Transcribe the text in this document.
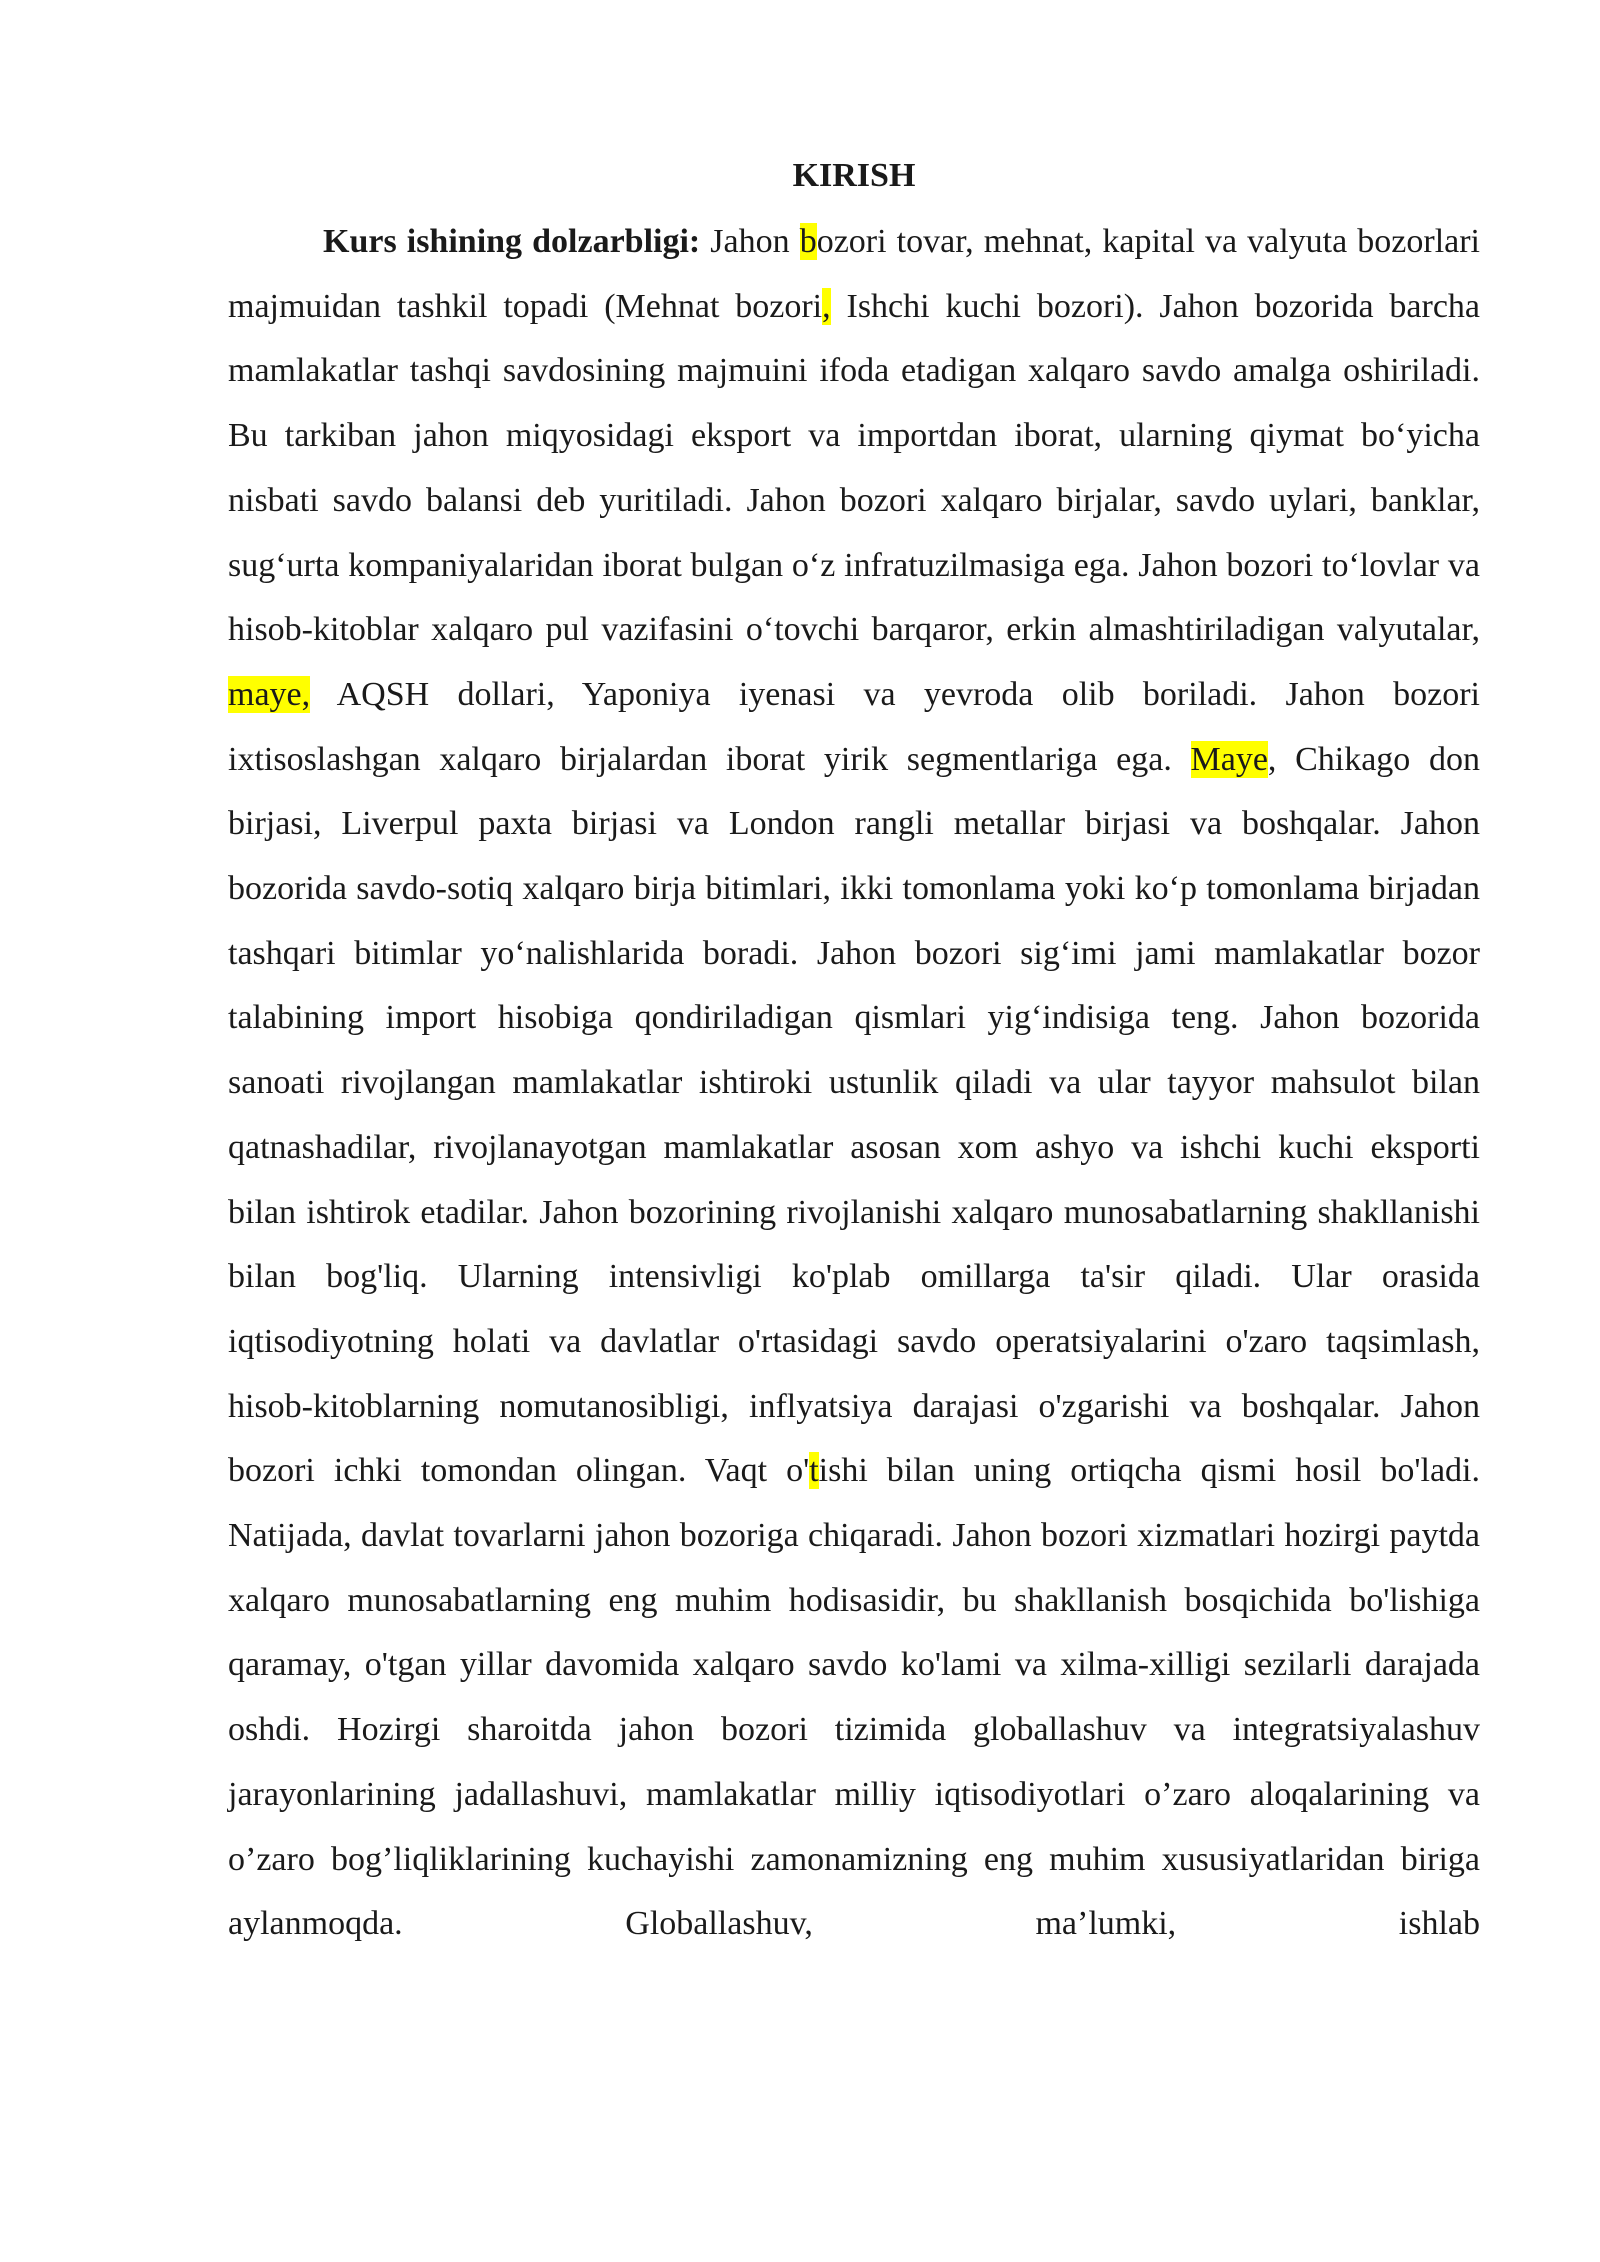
KIRISH

Kurs ishining dolzarbligi: Jahon bozori tovar, mehnat, kapital va valyuta bozorlari majmuidan tashkil topadi (Mehnat bozori, Ishchi kuchi bozori). Jahon bozorida barcha mamlakatlar tashqi savdosining majmuini ifoda etadigan xalqaro savdo amalga oshiriladi. Bu tarkiban jahon miqyosidagi eksport va importdan iborat, ularning qiymat bo‘yicha nisbati savdo balansi deb yuritiladi. Jahon bozori xalqaro birjalar, savdo uylari, banklar, sug‘urta kompaniyalaridan iborat bulgan o‘z infratuzilmasiga ega. Jahon bozori to‘lovlar va hisob-kitoblar xalqaro pul vazifasini o‘tovchi barqaror, erkin almashtiriladigan valyutalar, maye, AQSH dollari, Yaponiya iyenasi va yevroda olib boriladi. Jahon bozori ixtisoslashgan xalqaro birjalardan iborat yirik segmentlariga ega. Maye, Chikago don birjasi, Liverpul paxta birjasi va London rangli metallar birjasi va boshqalar. Jahon bozorida savdo-sotiq xalqaro birja bitimlari, ikki tomonlama yoki ko‘p tomonlama birjadan tashqari bitimlar yo‘nalishlarida boradi. Jahon bozori sig‘imi jami mamlakatlar bozor talabining import hisobiga qondiriladigan qismlari yig‘indisiga teng. Jahon bozorida sanoati rivojlangan mamlakatlar ishtiroki ustunlik qiladi va ular tayyor mahsulot bilan qatnashadilar, rivojlanayotgan mamlakatlar asosan xom ashyo va ishchi kuchi eksporti bilan ishtirok etadilar. Jahon bozorining rivojlanishi xalqaro munosabatlarning shakllanishi bilan bog'liq. Ularning intensivligi ko'plab omillarga ta'sir qiladi. Ular orasida iqtisodiyotning holati va davlatlar o'rtasidagi savdo operatsiyalarini o'zaro taqsimlash, hisob-kitoblarning nomutanosibligi, inflyatsiya darajasi o'zgarishi va boshqalar. Jahon bozori ichki tomondan olingan. Vaqt o'tishi bilan uning ortiqcha qismi hosil bo'ladi. Natijada, davlat tovarlarni jahon bozoriga chiqaradi. Jahon bozori xizmatlari hozirgi paytda xalqaro munosabatlarning eng muhim hodisasidir, bu shakllanish bosqichida bo'lishiga qaramay, o'tgan yillar davomida xalqaro savdo ko'lami va xilma-xilligi sezilarli darajada oshdi. Hozirgi sharoitda jahon bozori tizimida globallashuv va integratsiyalashuv jarayonlarining jadallashuvi, mamlakatlar milliy iqtisodiyotlari o’zaro aloqalarining va o’zaro bog’liqliklarining kuchayishi zamonamizning eng muhim xususiyatlaridan biriga aylanmoqda. Globallashuv, ma’lumki, ishlab
